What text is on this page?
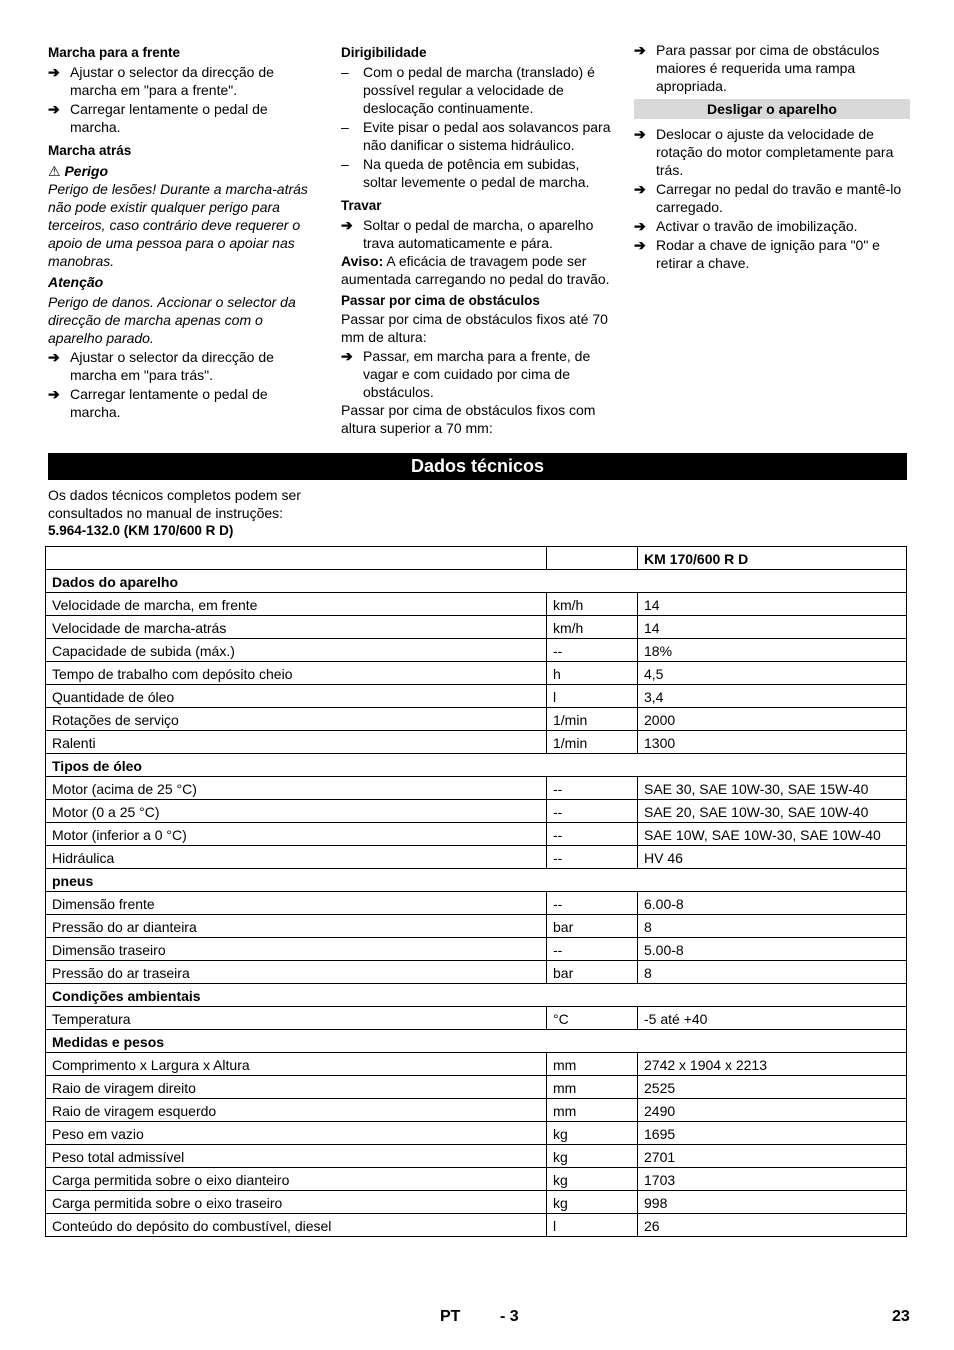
Marcha para a frente
➔ Ajustar o selector da direcção de marcha em "para a frente".
➔ Carregar lentamente o pedal de marcha.
Marcha atrás

⚠ Perigo

Perigo de lesões! Durante a marcha-atrás não pode existir qualquer perigo para terceiros, caso contrário deve requerer o apoio de uma pessoa para o apoiar nas manobras.

Atenção

Perigo de danos. Accionar o selector da direcção de marcha apenas com o aparelho parado.

➔ Ajustar o selector da direcção de marcha em "para trás".
➔ Carregar lentamente o pedal de marcha.
Dirigibilidade
– Com o pedal de marcha (translado) é possível regular a velocidade de deslocação continuamente.
– Evite pisar o pedal aos solavancos para não danificar o sistema hidráulico.
– Na queda de potência em subidas, soltar levemente o pedal de marcha.
Travar
➔ Soltar o pedal de marcha, o aparelho trava automaticamente e pára.

Aviso: A eficácia de travagem pode ser aumentada carregando no pedal do travão.

Passar por cima de obstáculos

Passar por cima de obstáculos fixos até 70 mm de altura:

➔ Passar, em marcha para a frente, de vagar e com cuidado por cima de obstáculos.

Passar por cima de obstáculos fixos com altura superior a 70 mm:

➔ Para passar por cima de obstáculos maiores é requerida uma rampa apropriada.
Desligar o aparelho
➔ Deslocar o ajuste da velocidade de rotação do motor completamente para trás.
➔ Carregar no pedal do travão e mantê-lo carregado.
➔ Activar o travão de imobilização.
➔ Rodar a chave de ignição para "0" e retirar a chave.
Dados técnicos

Os dados técnicos completos podem ser consultados no manual de instruções:

5.964-132.0 (KM 170/600 R D)

		KM 170/600 R D
Dados do aparelho		
Velocidade de marcha, em frente	km/h	14
Velocidade de marcha-atrás	km/h	14
Capacidade de subida (máx.)	--	18%
Tempo de trabalho com depósito cheio	h	4,5
Quantidade de óleo	l	3,4
Rotações de serviço	1/min	2000
Ralenti	1/min	1300
Tipos de óleo		
Motor (acima de 25 °C)	--	SAE 30, SAE 10W-30, SAE 15W-40
Motor (0 a 25 °C)	--	SAE 20, SAE 10W-30, SAE 10W-40
Motor (inferior a 0 °C)	--	SAE 10W, SAE 10W-30, SAE 10W-40
Hidráulica	--	HV 46
pneus		
Dimensão frente	--	6.00-8
Pressão do ar dianteira	bar	8
Dimensão traseiro	--	5.00-8
Pressão do ar traseira	bar	8
Condições ambientais		
Temperatura	°C	-5 até +40
Medidas e pesos		
Comprimento x Largura x Altura	mm	2742 x 1904 x 2213
Raio de viragem direito	mm	2525
Raio de viragem esquerdo	mm	2490
Peso em vazio	kg	1695
Peso total admissível	kg	2701
Carga permitida sobre o eixo dianteiro	kg	1703
Carga permitida sobre o eixo traseiro	kg	998
Conteúdo do depósito do combustível, diesel	l	26
PT - 3	23
